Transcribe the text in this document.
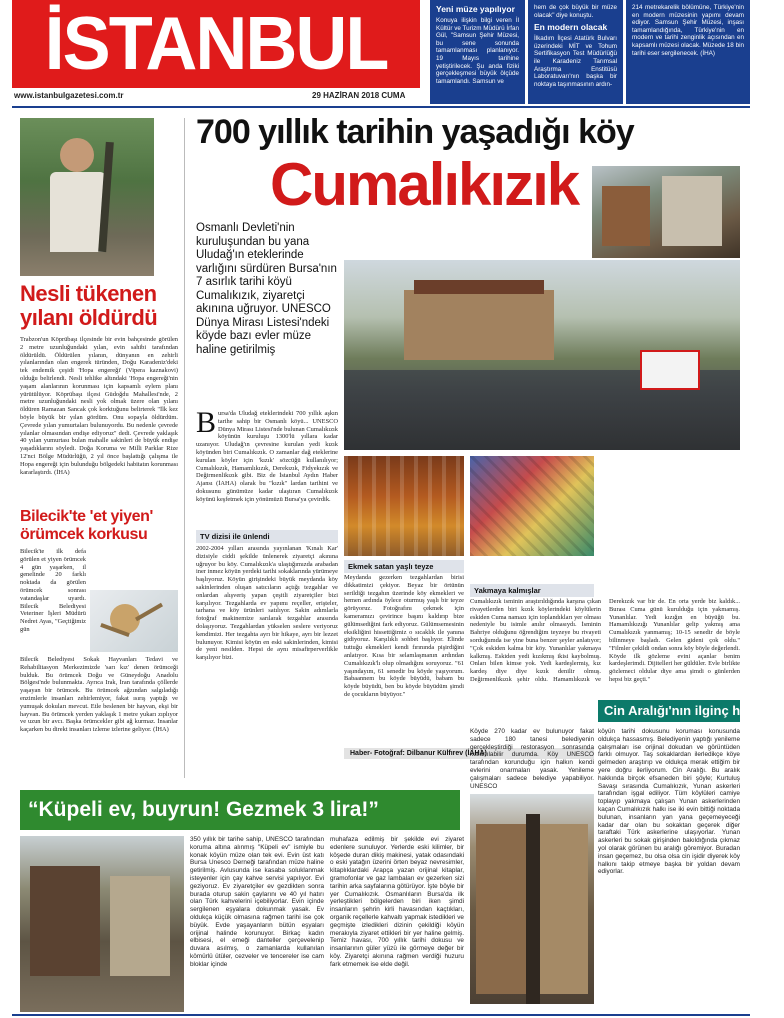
İSTANBUL
www.istanbulgazetesi.com.tr	29 HAZİRAN 2018 CUMA
Yeni müze yapılıyor
Konuya ilişkin bilgi veren İl Kültür ve Turizm Müdürü İrfan Gül, "Samsun Şehir Müzesi, bu sene sonunda tamamlanması planlanıyor. 19 Mayıs tarihine yetiştirilecek. Şu anda fiziki gerçekleşmesi büyük ölçüde tamamlandı. Samsun ve
hem de çok büyük bir müze olacak" diye konuştu.
En modern olacak
İlkadım İlçesi Atatürk Bulvarı üzerindeki MİT ve Tohum Sertifikasyon Test Müdürlüğü ile Karadeniz Tarımsal Araştırma Enstitüsü Laboratuvarı'nın başka bir noktaya taşınmasının ardın-
214 metrekarelik bölümüne, Türkiye'nin en modern müzesinin yapımı devam ediyor. Samsun Şehir Müzesi, inşası tamamlandığında, Türkiye'nin en modern ve tarihi zenginlik açısından en kapsamlı müzesi olacak. Müzede 18 bin tarihi eser sergilenecek. (İHA)
Nesli tükenen
yılanı öldürdü
Trabzon'un Köprübaşı ilçesinde bir evin bahçesinde görülen 2 metre uzunluğundaki yılan, evin sahibi tarafından öldürüldü. Öldürülen yılanın, dünyanın en zehirli yılanlarından olan engerek türünden, Doğu Karadeniz'deki tek endemik çeşidi 'Hopa engereği' (Vipera kaznakovi) olduğu belirlendi. Nesli tehlike altındaki 'Hopa engereği'nin yaşam alanlarının korunması için kapsamlı eylem planı yürütülüyor. Köprübaşı ilçesi Güdoğdu Mahallesi'nde, 2 metre uzunluğundaki nesli yok olmak üzere olan yılanı öldüren Ramazan Sancak çok korktuğunu belirterek "İlk kez böyle büyük bir yılan gördüm. Onu sopayla öldürdüm. Çevrede yılan yumurtaları bulunuyordu. Bu nedenle çevrede yılanlar olmasından endişe ediyoruz" dedi. Çevrede yaklaşık 40 yılan yumurtası bulan mahalle sakinleri de büyük endişe yaşadıklarını söyledi. Doğa Koruma ve Milli Parklar Rize 12'nci Bölge Müdürlüğü, 2 yıl önce başlattığı çalışma ile Hopa engereği için bulunduğu bölgedeki habitatın korunması kararlaştırdı. (İHA)
Bilecik'te 'et yiyen'
örümcek korkusu
Bilecik'te ilk defa görülen et yiyen örümcek 4 gün yaşarken, il genelinde 20 farklı noktada da görülen örümcek sonrası vatandaşlar uyardı. Bilecik Belediyesi Veteriner İşleri Müdürü Nedret Ayas, "Geçtiğimiz gün
Bilecik Belediyesi Sokak Hayvanları Tedavi ve Rehabilitasyon Merkezimizde 'sarı kız' denen örümceği bulduk. Bu örümcek Doğu ve Güneydoğu Anadolu Bölgesi'nde bulunmakta. Ayrıca Irak, İran tarafında çöllerde yaşayan bir örümcek. Bu örümcek ağzından salgıladığı enzimlerle insanları zehirlemiyor, fakat ısırış yaptığı ve yumuşak dokuları mevcut. Etle beslenen bir hayvan, ekşi bir hayvan. Bu örümcek yerden yaklaşık 1 metre yukarı zıplıyor ve uzun bir avcı. Başka örümcekler gibi ağ kurmaz. İnsanlar kaçarken bu direkt insanları izleme izlerine geliyor. (İHA)
700 yıllık tarihin yaşadığı köy
Cumalıkızık
Osmanlı Devleti'nin kuruluşundan bu yana Uludağ'ın eteklerinde varlığını sürdüren Bursa'nın 7 asırlık tarihi köyü Cumalıkızık, ziyaretçi akınına uğruyor. UNESCO Dünya Mirası Listesi'ndeki köyde bazı evler müze haline getirilmiş
B ursa'da Uludağ eteklerindeki 700 yıllık aşkın tarihe sahip bir Osmanlı köyü... UNESCO Dünya Mirası Listesi'nde bulunan Cumalıkızık köyünün kuruluşu 1300'lü yıllara kadar uzanıyor. Uludağ'ın çevresine kurulan yedi kızık köyünden biri Cumalıkızık. O zamanlar dağ eteklerine kurulan köyler için 'kızık' sözcüğü kullanılıyor; Cumalıkızık, Hamamlıkızık, Derekızık, Fidyekızık ve Değirmenlikızık gibi. Biz de İstanbul Aydın Haber Ajansı (İAHA) olarak bu "kızık" lardan tarihini ve dokusunu günümüze kadar ulaştıran Cumalıkızık köyünü keşfetmek için yönümüzü Bursa'ya çevirdik.
TV dizisi ile ünlendi
2002-2004 yılları arasında yayınlanan 'Kınalı Kar' dizisiyle ciddi şekilde ünlenerek ziyaretçi akınına uğruyor bu köy. Cumalıkızık'a ulaştığımızda arabadan iner inmez köyün yerdeki tarihi sokaklarında yürümeye başlıyoruz. Köyün girişindeki büyük meydanda köy sakinlerinden oluşan satıcıların açtığı tezgahlar ve onlardan alışveriş yapan çeşitli ziyaretçiler bizi karşılıyor. Tezgahlarda ev yapımı reçeller, erişteler, tarhana ve köy ürünleri satılıyor. Sakin adımlarla fotoğraf makinemize sarılarak tezgahlar arasında dolaşıyoruz. Tezgahlardan yükselen seslere veriyoruz kendimizi. Her tezgahta ayrı bir hikaye, ayrı bir lezzet bulunuyor. Kimisi köyün en eski sakinlerinden, kimisi de yeni nesilden. Hepsi de aynı misafirperverlikle karşılıyor bizi.
Ekmek satan yaşlı teyze
Meydanda gezerken tezgahlardan birisi dikkatimizi çekiyor. Beyaz bir örtünün serildiği tezgahın üzerinde köy ekmekleri ve hemen ardında öylece oturmuş yaşlı bir teyze görüyoruz. Fotoğrafını çekmek için kameramızı çevirince başını kaldırıp bize gülümsediğini fark ediyoruz. Gülümsemesinin eksikliğini hissettiğimiz o sıcaklık ile yanına gidiyoruz. Karşılıklı sohbet başlıyor. Elinde tuttuğu ekmekleri kendi fırınında pişirdiğini anlatıyor. Kısa bir selamlaşmanın ardından Cumalıkızık'lı olup olmadığını soruyoruz. "61 yaşındayım, 61 senedir bu köyde yaşıyorum. Babaannem bu köyde büyüdü, babam bu köyde büyüdü, ben bu köyde büyüdüm şimdi de çocukların büyüyor."
Yakmaya kalmışlar
Cumalıkızık isminin araştırıldığında karşına çıkan rivayetlerden biri kızık köylerindeki köylülerin eskiden Cuma namazı için toplandıkları yer olması nedeniyle bu isimle anılır olmasıydı. İsminin Bahriye olduğunu öğrendiğim teyzeye bu rivayeti sorduğumda ise yine buna benzer şeyler anlatıyor; "Çok eskiden kalma bir köy. Yunanlılar yakmaya kalkmış. Eskiden yedi kızıkmış ikisi kaybolmuş. Onları bilen kimse yok. Yedi kardeşlermiş, kız kardeş diye diye kızık denilir olmuş. Değirmenlikızık şehir oldu. Hamamlıkızık ve Derekızık var bir de. En orta yerde biz kaldık... Burası Cuma günü kurulduğu için yakmamış. Yunanlılar. Yedi kızığın en büyüğü bu. Hamamlıkızığı Yunanlılar gelip yakmış ama Cumalıkızık yanmamış; 10-15 senedir de böyle bilinmeye başladı. Gelen gideni çok oldu." "Filmler çekildi ondan sonra köy böyle değerlendi. Köyde ilk gözleme evini açanlar benim kardeşlerimdi. Dijitelleri her güldüler. Evle birlikte gözlemeci oldular diye ama şimdi o günlerden hepsi biz geçti."
Haber- Fotoğraf: Dilbanur Külfırev (İAHA)
Cin Aralığı'nın ilginç hikayesi
Köyde 270 kadar ev bulunuyor fakat sadece 180 tanesi belediyenin gerçekleştirdiği restorasyon sonrasında kullanılabilir durumda. Köy UNESCO tarafından korunduğu için halkın kendi evlerini onarmaları yasak. Yenileme çalışmaları sadece belediye yapabiliyor. UNESCO
köyün tarihi dokusunu koruması konusunda oldukça hassasmış. Belediyenin yaptığı yenileme çalışmaları ise orijinal dokudan ve görüntüden farklı olmuyor. Taş sokaklardan ilerledikçe köye gelmeden araştırıp ve oldukça merak ettiğim bir yere doğru ilerliyorum. Cin Aralığı. Bu aralık hakkında birçok efsaneden biri şöyle; Kurtuluş Savaşı sırasında Cumalıkızık, Yunan askerleri tarafından işgal ediliyor. Tüm köylüleri camiye toplayıp yakmaya çalışan Yunan askerlerinden kaçan Cumalıkızık halkı ise iki evin bittiği noktada bulunan, insanların yan yana geçemeyeceği kadar dar olan bu sokaktan geçerek diğer taraftaki Türk askerlerine ulaşıyorlar. Yunan askerleri bu sokak girişinden bakıldığında çıkmaz yol olarak görünen bu aralığı göremiyor. Buradan insan geçemez, bu olsa olsa cin işidir diyerek köy halkını takip etmeye başka bir yoldan devam ediyorlar.
“Küpeli ev, buyrun! Gezmek 3 lira!”
350 yıllık bir tarihe sahip, UNESCO tarafından koruma altına alınmış "Küpeli ev" ismiyle bu konak köyün müze olan tek evi. Evin üst katı Bursa Unesco Derneği tarafından müze haline getirilmiş. Avlusunda ise kasaba soluklanmak isteyenler için çay kahve servisi yapılıyor. Evi geziyoruz. Ev ziyaretçiler ev gezdikten sonra burada oturup sakin çaylarını ve 40 yıl hatırı olan Türk kahvelerini içebiliyorlar. Evin içinde sergilenen eşyalara dokunmak yasak. Ev oldukça küçük olmasına rağmen tarihi ise çok büyük. Evde yaşayanların bütün eşyaları orijinal halinde korunuyor. Birkaç kadın elbisesi, el emeği danteller çerçevelenip duvara asılmış, o zamanlarda kullanılan kömürlü ütüler, cezveler ve tencereler ise cam bloklar içinde
muhafaza edilmiş bir şekilde evi ziyaret edenlere sunuluyor. Yerlerde eski kilimler, bir köşede duran dikiş makinesi, yatak odasındaki o eski yatağın üzerini örten beyaz nevresimler, kitaplıklardaki Arapça yazan orijinal kitaplar, gramofonlar ve gaz lambaları ev gezerken sizi tarihin arka sayfalarına götürüyor. İşte böyle bir yer Cumalıkızık. Osmanlıların Bursa'da ilk yerleştikleri bölgelerden biri iken şimdi insanların şehrin kirli havasından kaçtıkları, organik reçellerle kahvaltı yapmak istedikleri ve geçmişte izledikleri dizinin çekildiği köyün merakıyla ziyaret ettikleri bir yer haline gelmiş. Temiz havası, 700 yıllık tarihi dokusu ve insanlarının güler yüzü ile görmeye değer bir köy. Ziyaretçi akınına rağmen verdiği huzuru fark etmemek ise elde değil.
